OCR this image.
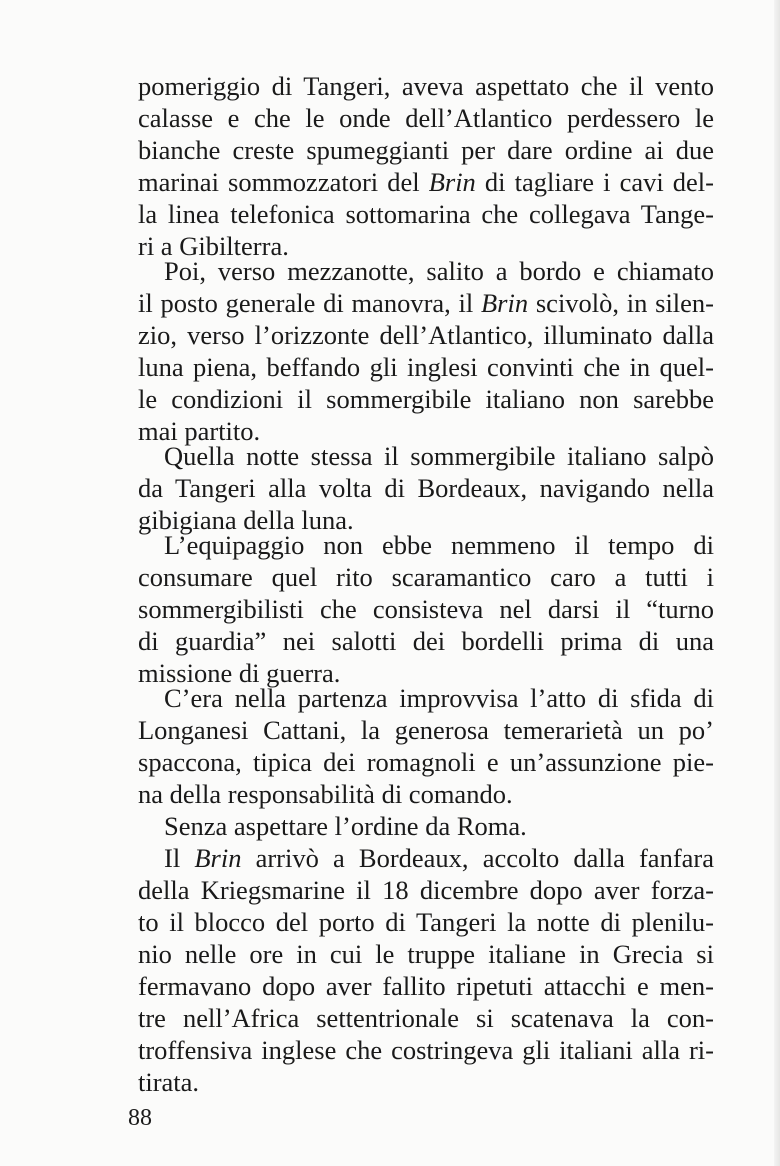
pomeriggio di Tangeri, aveva aspettato che il vento
calasse e che le onde dell’Atlantico perdessero le
bianche creste spumeggianti per dare ordine ai due
marinai sommozzatori del Brin di tagliare i cavi del-
la linea telefonica sottomarina che collegava Tange-
ri a Gibilterra.
Poi, verso mezzanotte, salito a bordo e chiamato
il posto generale di manovra, il Brin scivolò, in silen-
zio, verso l’orizzonte dell’Atlantico, illuminato dalla
luna piena, beffando gli inglesi convinti che in quel-
le condizioni il sommergibile italiano non sarebbe
mai partito.
Quella notte stessa il sommergibile italiano salpò
da Tangeri alla volta di Bordeaux, navigando nella
gibigiana della luna.
L’equipaggio non ebbe nemmeno il tempo di
consumare quel rito scaramantico caro a tutti i
sommergibilisti che consisteva nel darsi il “turno
di guardia” nei salotti dei bordelli prima di una
missione di guerra.
C’era nella partenza improvvisa l’atto di sfida di
Longanesi Cattani, la generosa temerarietà un po’
spaccona, tipica dei romagnoli e un’assunzione pie-
na della responsabilità di comando.
Senza aspettare l’ordine da Roma.
Il Brin arrivò a Bordeaux, accolto dalla fanfara
della Kriegsmarine il 18 dicembre dopo aver forza-
to il blocco del porto di Tangeri la notte di plenilu-
nio nelle ore in cui le truppe italiane in Grecia si
fermavano dopo aver fallito ripetuti attacchi e men-
tre nell’Africa settentrionale si scatenava la con-
troffensiva inglese che costringeva gli italiani alla ri-
tirata.
88
